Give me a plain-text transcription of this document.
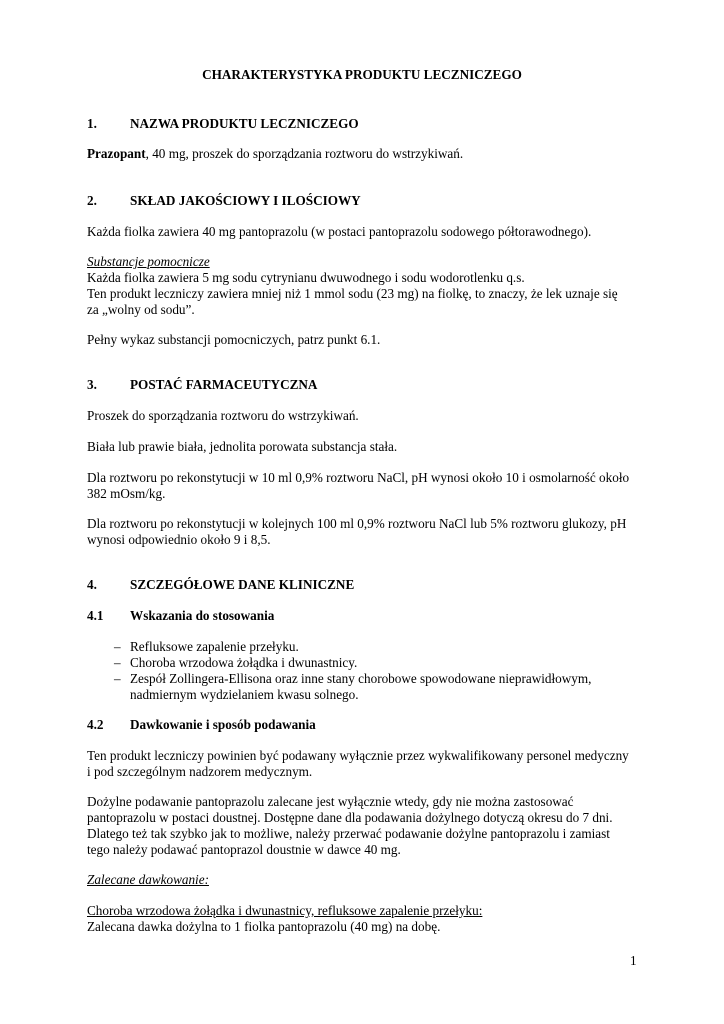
CHARAKTERYSTYKA PRODUKTU LECZNICZEGO
1.	NAZWA PRODUKTU LECZNICZEGO
Prazopant, 40 mg, proszek do sporządzania roztworu do wstrzykiwań.
2.	SKŁAD JAKOŚCIOWY I ILOŚCIOWY
Każda fiolka zawiera 40 mg pantoprazolu (w postaci pantoprazolu sodowego półtorawodnego).
Substancje pomocnicze
Każda fiolka zawiera 5 mg sodu cytrynianu dwuwodnego i sodu wodorotlenku q.s.
Ten produkt leczniczy zawiera mniej niż 1 mmol sodu (23 mg) na fiolkę, to znaczy, że lek uznaje się
za „wolny od sodu”.
Pełny wykaz substancji pomocniczych, patrz punkt 6.1.
3.	POSTAĆ FARMACEUTYCZNA
Proszek do sporządzania roztworu do wstrzykiwań.
Biała lub prawie biała, jednolita porowata substancja stała.
Dla roztworu po rekonstytucji w 10 ml 0,9% roztworu NaCl, pH wynosi około 10 i osmolarność około
382 mOsm/kg.
Dla roztworu po rekonstytucji w kolejnych 100 ml 0,9% roztworu NaCl lub 5% roztworu glukozy, pH
wynosi odpowiednio około 9 i 8,5.
4.	SZCZEGÓŁOWE DANE KLINICZNE
4.1 Wskazania do stosowania
– Refluksowe zapalenie przełyku.
– Choroba wrzodowa żołądka i dwunastnicy.
– Zespół Zollingera-Ellisona oraz inne stany chorobowe spowodowane nieprawidłowym,
nadmiernym wydzielaniem kwasu solnego.
4.2 Dawkowanie i sposób podawania
Ten produkt leczniczy powinien być podawany wyłącznie przez wykwalifikowany personel medyczny
i pod szczególnym nadzorem medycznym.
Dożylne podawanie pantoprazolu zalecane jest wyłącznie wtedy, gdy nie można zastosować
pantoprazolu w postaci doustnej. Dostępne dane dla podawania dożylnego dotyczą okresu do 7 dni.
Dlatego też tak szybko jak to możliwe, należy przerwać podawanie dożylne pantoprazolu i zamiast
tego należy podawać pantoprazol doustnie w dawce 40 mg.
Zalecane dawkowanie:
Choroba wrzodowa żołądka i dwunastnicy, refluksowe zapalenie przełyku:
Zalecana dawka dożylna to 1 fiolka pantoprazolu (40 mg) na dobę.
1
